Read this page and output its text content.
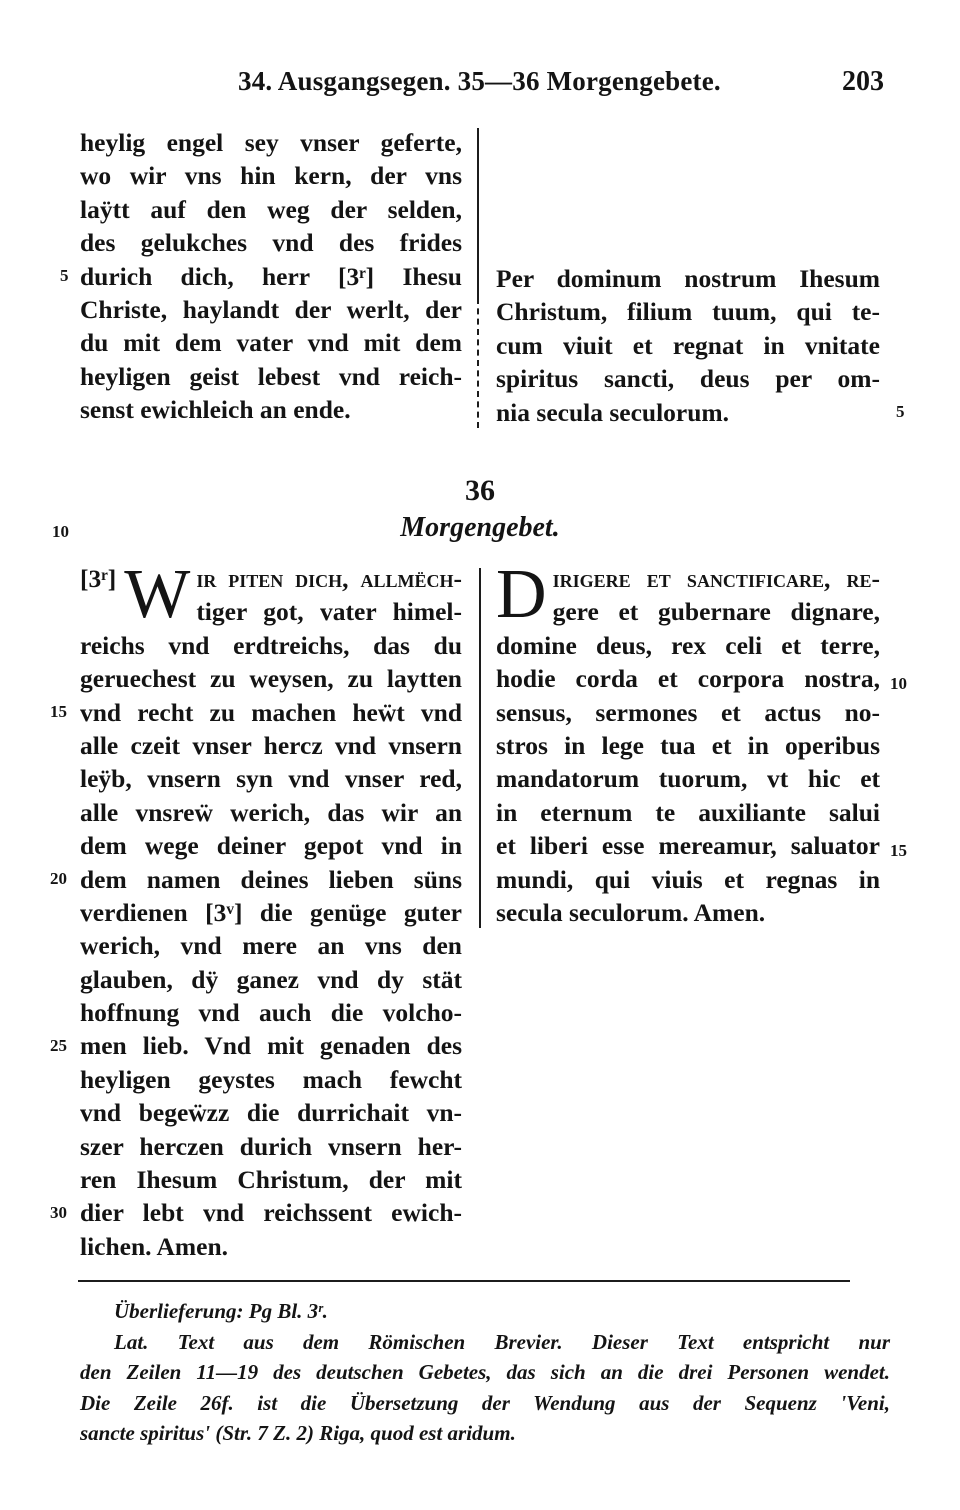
34. Ausgangsegen. 35—36 Morgengebete.	203
heylig engel sey vnser geferte,
wo wir vns hin kern, der vns
laÿtt auf den weg der selden,
des gelukches vnd des frides
durich dich, herr [3ʳ] Ihesu
Christe, haylandt der werlt, der
du mit dem vater vnd mit dem
heyligen geist lebest vnd reich-
senst ewichleich an ende.
5	Per dominum nostrum Ihesum
Christum, filium tuum, qui te-
cum viuit et regnat in vnitate
spiritus sancti, deus per om-
nia secula seculorum.	5
36
10	Morgengebet.
[3ʳ] W ir piten dich, allmëch-
tiger got, vater himel-
reichs vnd erdtreichs, das du
geruechest zu weysen, zu laytten
vnd recht zu machen heẅt vnd
alle czeit vnser hercz vnd vnsern
leÿb, vnsern syn vnd vnser red,
alle vnsreẅ werich, das wir an
dem wege deiner gepot vnd in
dem namen deines lieben süns
verdienen [3ᵛ] die genüge guter
werich, vnd mere an vns den
glauben, dÿ ganez vnd dy stät
hoffnung vnd auch die volcho-
men lieb. Vnd mit genaden des
heyligen geystes mach fewcht
vnd begeẅzz die durrichait vn-
szer herczen durich vnsern her-
ren Ihesum Christum, der mit
dier lebt vnd reichssent ewich-
lichen. Amen.
15
20
25
30
D irigere et sanctificare, re-
gere et gubernare dignare,
domine deus, rex celi et terre,
hodie corda et corpora nostra,
sensus, sermones et actus no-
stros in lege tua et in operibus
mandatorum tuorum, vt hic et
in eternum te auxiliante salui
et liberi esse mereamur, saluator
mundi, qui viuis et regnas in
secula seculorum. Amen.
10
15
Überlieferung: Pg Bl. 3ʳ.
Lat. Text aus dem Römischen Brevier. Dieser Text entspricht nur
den Zeilen 11—19 des deutschen Gebetes, das sich an die drei Personen wendet.
Die Zeile 26f. ist die Übersetzung der Wendung aus der Sequenz 'Veni,
sancte spiritus' (Str. 7 Z. 2) Riga, quod est aridum.
